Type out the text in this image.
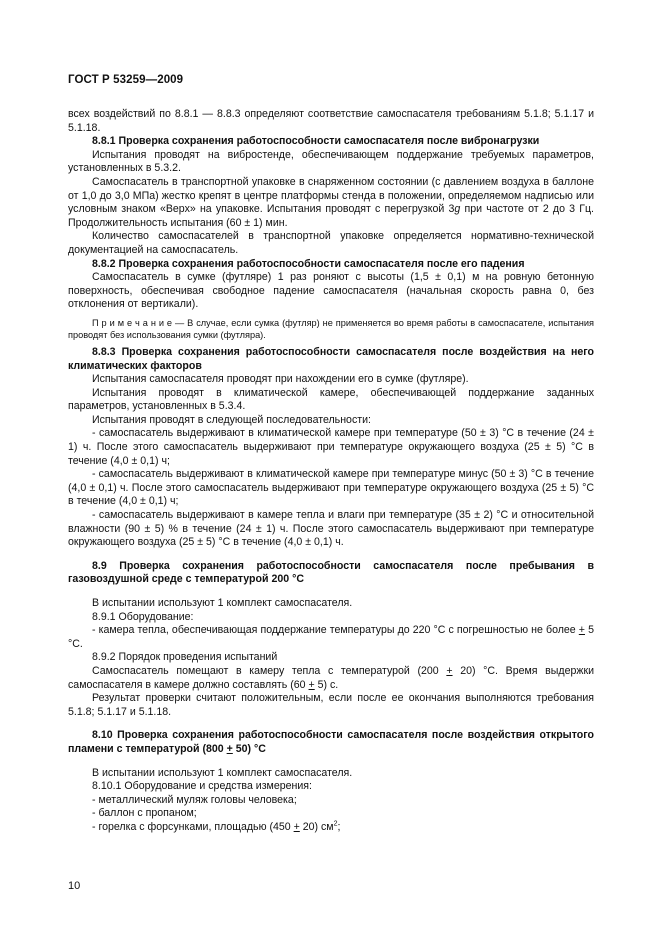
ГОСТ Р 53259—2009

всех воздействий по 8.8.1 — 8.8.3 определяют соответствие самоспасателя требованиям 5.1.8; 5.1.17 и 5.1.18.

8.8.1 Проверка сохранения работоспособности самоспасателя после вибронагрузки

Испытания проводят на вибростенде, обеспечивающем поддержание требуемых параметров, установленных в 5.3.2.

Самоспасатель в транспортной упаковке в снаряженном состоянии (с давлением воздуха в баллоне от 1,0 до 3,0 МПа) жестко крепят в центре платформы стенда в положении, определяемом надписью или условным знаком «Верх» на упаковке. Испытания проводят с перегрузкой 3g при частоте от 2 до 3 Гц. Продолжительность испытания (60 ± 1) мин.

Количество самоспасателей в транспортной упаковке определяется нормативно-технической документацией на самоспасатель.

8.8.2 Проверка сохранения работоспособности самоспасателя после его падения

Самоспасатель в сумке (футляре) 1 раз роняют с высоты (1,5 ± 0,1) м на ровную бетонную поверхность, обеспечивая свободное падение самоспасателя (начальная скорость равна 0, без отклонения от вертикали).

П р и м е ч а н и е — В случае, если сумка (футляр) не применяется во время работы в самоспасателе, испытания проводят без использования сумки (футляра).

8.8.3 Проверка сохранения работоспособности самоспасателя после воздействия на него климатических факторов

Испытания самоспасателя проводят при нахождении его в сумке (футляре).

Испытания проводят в климатической камере, обеспечивающей поддержание заданных параметров, установленных в 5.3.4.

Испытания проводят в следующей последовательности:

- самоспасатель выдерживают в климатической камере при температуре (50 ± 3) °С в течение (24 ± 1) ч. После этого самоспасатель выдерживают при температуре окружающего воздуха (25 ± 5) °С в течение (4,0 ± 0,1) ч;

- самоспасатель выдерживают в климатической камере при температуре минус (50 ± 3) °С в течение (4,0 ± 0,1) ч. После этого самоспасатель выдерживают при температуре окружающего воздуха (25 ± 5) °С в течение (4,0 ± 0,1) ч;

- самоспасатель выдерживают в камере тепла и влаги при температуре (35 ± 2) °С и относительной влажности (90 ± 5) % в течение (24 ± 1) ч. После этого самоспасатель выдерживают при температуре окружающего воздуха (25 ± 5) °С в течение (4,0 ± 0,1) ч.

8.9 Проверка сохранения работоспособности самоспасателя после пребывания в газовоздушной среде с температурой 200 °С

В испытании используют 1 комплект самоспасателя.

8.9.1 Оборудование:

- камера тепла, обеспечивающая поддержание температуры до 220 °С с погрешностью не более + 5 °С.

8.9.2 Порядок проведения испытаний

Самоспасатель помещают в камеру тепла с температурой (200 + 20) °С. Время выдержки самоспасателя в камере должно составлять (60 + 5) с.

Результат проверки считают положительным, если после ее окончания выполняются требования 5.1.8; 5.1.17 и 5.1.18.

8.10 Проверка сохранения работоспособности самоспасателя после воздействия открытого пламени с температурой (800 + 50) °С

В испытании используют 1 комплект самоспасателя.

8.10.1 Оборудование и средства измерения:

- металлический муляж головы человека;

- баллон с пропаном;

- горелка с форсунками, площадью (450 + 20) $см^2$;

10
